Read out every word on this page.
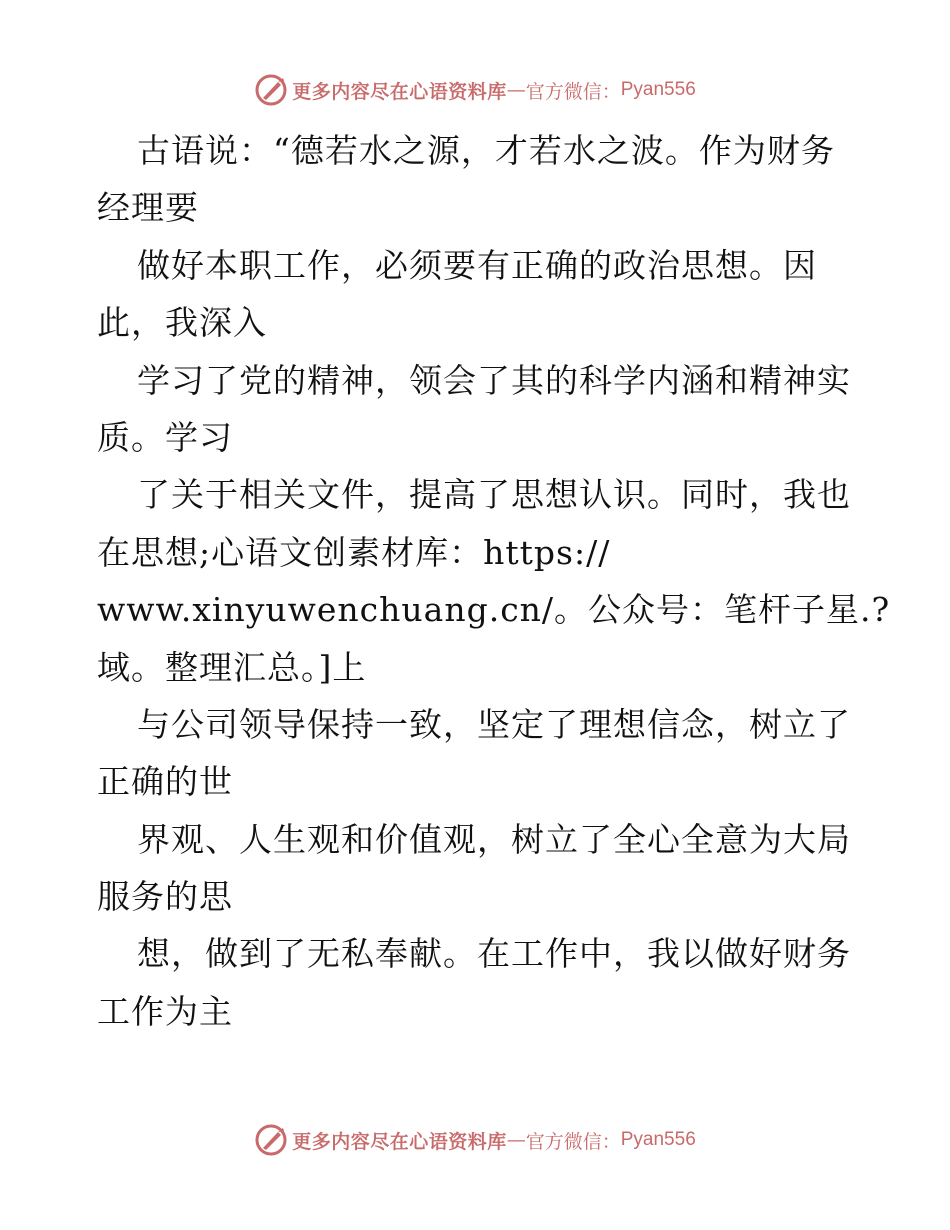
更多内容尽在心语资料库 — 官方微信： Pyan556
古语说：“德若水之源，才若水之波。作为财务
经理要
做好本职工作，必须要有正确的政治思想。因
此，我深入
学习了党的精神，领会了其的科学内涵和精神实
质。学习
了关于相关文件，提高了思想认识。同时，我也
在思想;心语文创素材库：https://
www.xinyuwenchuang.cn/。公众号：笔杆子星.?
域。整理汇总。]上
与公司领导保持一致，坚定了理想信念，树立了
正确的世
界观、人生观和价值观，树立了全心全意为大局
服务的思
想，做到了无私奉献。在工作中，我以做好财务
工作为主
更多内容尽在心语资料库 — 官方微信： Pyan556
